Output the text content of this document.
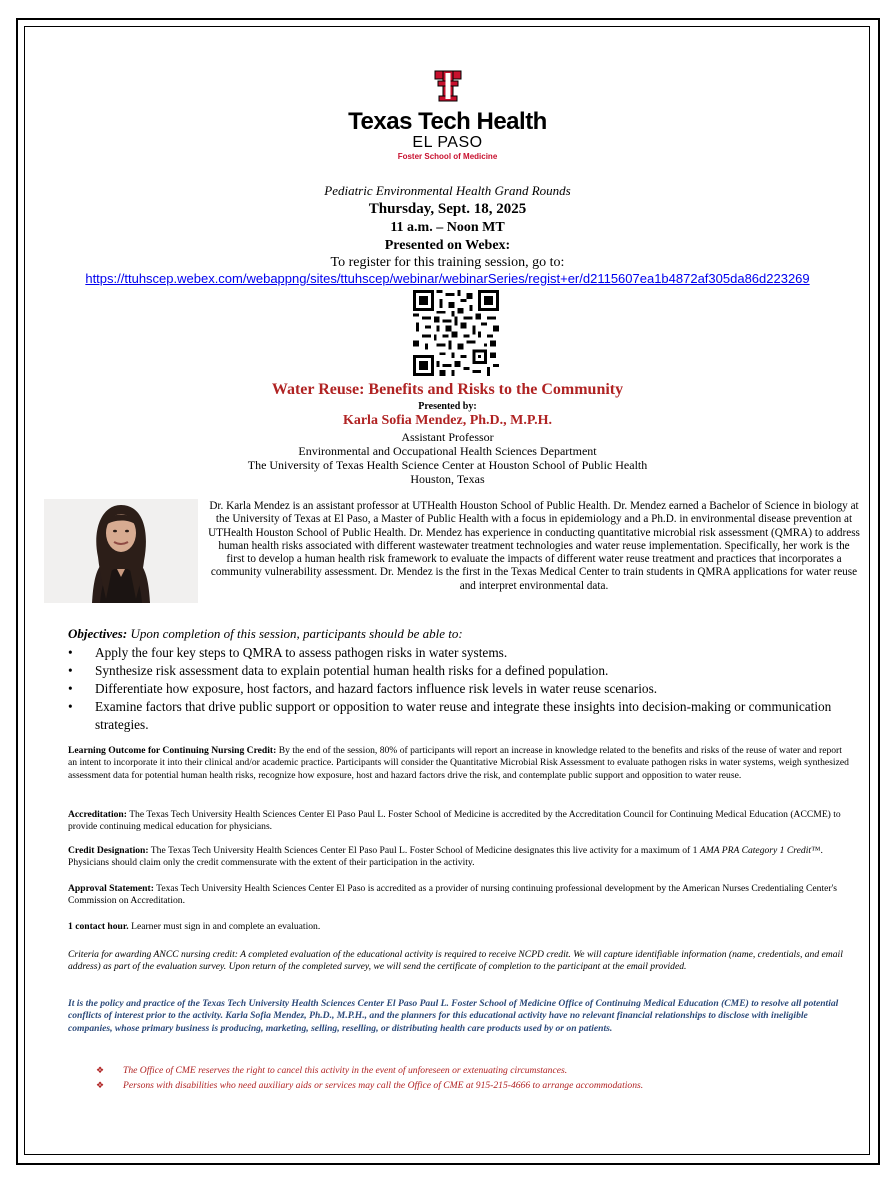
Texas Tech Health
EL PASO
Foster School of Medicine
Pediatric Environmental Health Grand Rounds
Thursday, Sept. 18, 2025
11 a.m. – Noon MT
Presented on Webex:
To register for this training session, go to:
https://ttuhscep.webex.com/webappng/sites/ttuhscep/webinar/webinarSeries/regist+er/d2115607ea1b4872af305da86d223269
Water Reuse: Benefits and Risks to the Community
Presented by:
Karla Sofia Mendez, Ph.D., M.P.H.
Assistant Professor
Environmental and Occupational Health Sciences Department
The University of Texas Health Science Center at Houston School of Public Health
Houston, Texas
Dr. Karla Mendez is an assistant professor at UTHealth Houston School of Public Health. Dr. Mendez earned a Bachelor of Science in biology at the University of Texas at El Paso, a Master of Public Health with a focus in epidemiology and a Ph.D. in environmental disease prevention at UTHealth Houston School of Public Health. Dr. Mendez has experience in conducting quantitative microbial risk assessment (QMRA) to address human health risks associated with different wastewater treatment technologies and water reuse implementation. Specifically, her work is the first to develop a human health risk framework to evaluate the impacts of different water reuse treatment and practices that incorporates a community vulnerability assessment. Dr. Mendez is the first in the Texas Medical Center to train students in QMRA applications for water reuse and interpret environmental data.
Objectives: Upon completion of this session, participants should be able to:
• Apply the four key steps to QMRA to assess pathogen risks in water systems.
• Synthesize risk assessment data to explain potential human health risks for a defined population.
• Differentiate how exposure, host factors, and hazard factors influence risk levels in water reuse scenarios.
• Examine factors that drive public support or opposition to water reuse and integrate these insights into decision-making or communication strategies.
Learning Outcome for Continuing Nursing Credit: By the end of the session, 80% of participants will report an increase in knowledge related to the benefits and risks of the reuse of water and report an intent to incorporate it into their clinical and/or academic practice. Participants will consider the Quantitative Microbial Risk Assessment to evaluate pathogen risks in water systems, weigh synthesized assessment data for potential human health risks, recognize how exposure, host and hazard factors drive the risk, and contemplate public support and opposition to water reuse.
Accreditation: The Texas Tech University Health Sciences Center El Paso Paul L. Foster School of Medicine is accredited by the Accreditation Council for Continuing Medical Education (ACCME) to provide continuing medical education for physicians.
Credit Designation: The Texas Tech University Health Sciences Center El Paso Paul L. Foster School of Medicine designates this live activity for a maximum of 1 AMA PRA Category 1 Credit™. Physicians should claim only the credit commensurate with the extent of their participation in the activity.
Approval Statement: Texas Tech University Health Sciences Center El Paso is accredited as a provider of nursing continuing professional development by the American Nurses Credentialing Center's Commission on Accreditation.
1 contact hour. Learner must sign in and complete an evaluation.
Criteria for awarding ANCC nursing credit: A completed evaluation of the educational activity is required to receive NCPD credit. We will capture identifiable information (name, credentials, and email address) as part of the evaluation survey. Upon return of the completed survey, we will send the certificate of completion to the participant at the email provided.
It is the policy and practice of the Texas Tech University Health Sciences Center El Paso Paul L. Foster School of Medicine Office of Continuing Medical Education (CME) to resolve all potential conflicts of interest prior to the activity. Karla Sofia Mendez, Ph.D., M.P.H., and the planners for this educational activity have no relevant financial relationships to disclose with ineligible companies, whose primary business is producing, marketing, selling, reselling, or distributing health care products used by or on patients.
❖ The Office of CME reserves the right to cancel this activity in the event of unforeseen or extenuating circumstances.
❖ Persons with disabilities who need auxiliary aids or services may call the Office of CME at 915-215-4666 to arrange accommodations.
